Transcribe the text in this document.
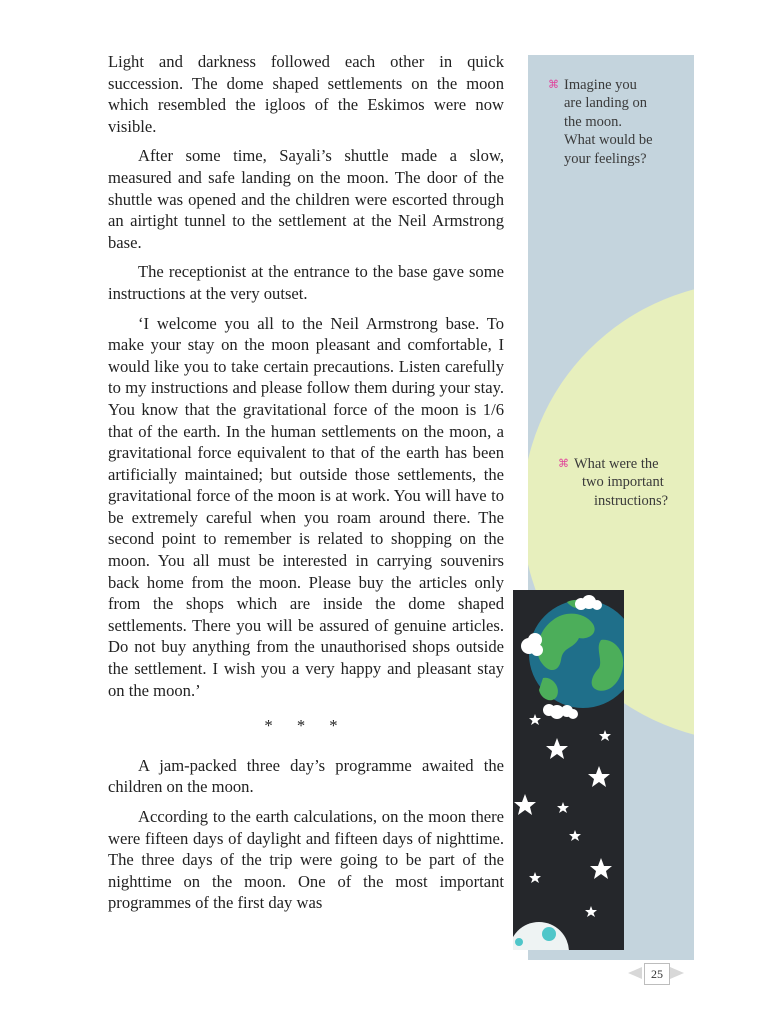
Light and darkness followed each other in quick succession. The dome shaped settlements on the moon which resembled the igloos of the Eskimos were now visible.

After some time, Sayali’s shuttle made a slow, measured and safe landing on the moon. The door of the shuttle was opened and the children were escorted through an airtight tunnel to the settlement at the Neil Armstrong base.

The receptionist at the entrance to the base gave some instructions at the very outset.

‘I welcome you all to the Neil Armstrong base. To make your stay on the moon pleasant and comfortable, I would like you to take certain precautions. Listen carefully to my instructions and please follow them during your stay. You know that the gravitational force of the moon is 1/6 that of the earth. In the human settlements on the moon, a gravitational force equivalent to that of the earth has been artificially maintained; but outside those settlements, the gravitational force of the moon is at work. You will have to be extremely careful when you roam around there. The second point to remember is related to shopping on the moon. You all must be interested in carrying souvenirs back home from the moon. Please buy the articles only from the shops which are inside the dome shaped settlements. There you will be assured of genuine articles. Do not buy anything from the unauthorised shops outside the settlement. I wish you a very happy and pleasant stay on the moon.’

* * *

A jam-packed three day’s programme awaited the children on the moon.

According to the earth calculations, on the moon there were fifteen days of daylight and fifteen days of nighttime. The three days of the trip were going to be part of the nighttime on the moon. One of the most important programmes of the first day was

⌘ Imagine you
are landing on
the moon.
What would be
your feelings?
⌘ What were the
two important
instructions?
25
